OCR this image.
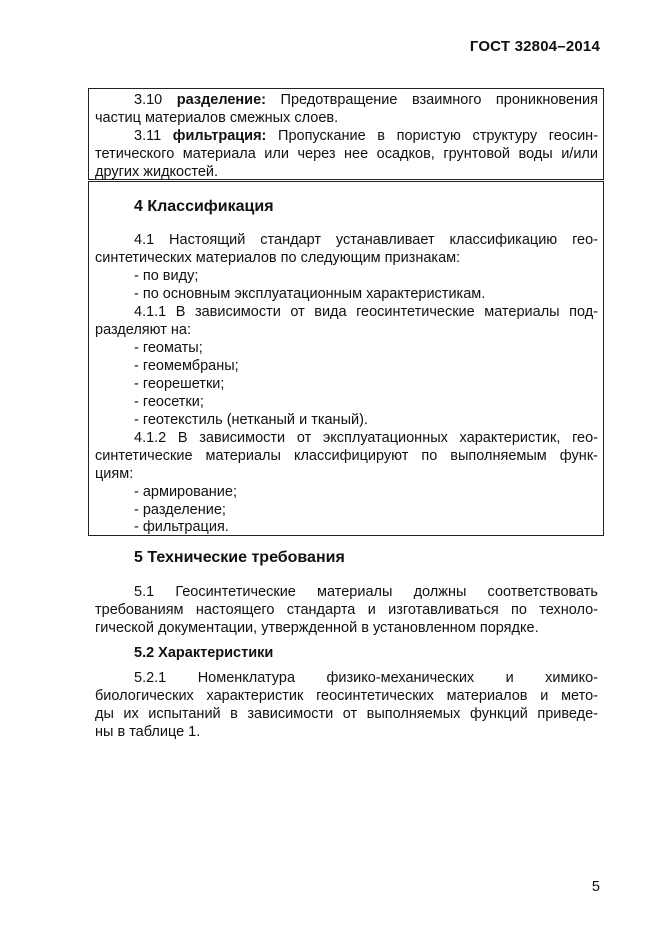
ГОСТ 32804–2014
3.10 разделение: Предотвращение взаимного проникновения
частиц материалов смежных слоев.
3.11 фильтрация: Пропускание в пористую структуру геосин-
тетического материала или через нее осадков, грунтовой воды и/или
других жидкостей.
4 Классификация
4.1 Настоящий стандарт устанавливает классификацию гео-
синтетических материалов по следующим признакам:
- по виду;
- по основным эксплуатационным характеристикам.
4.1.1 В зависимости от вида геосинтетические материалы под-
разделяют на:
- геоматы;
- геомембраны;
- георешетки;
- геосетки;
- геотекстиль (нетканый и тканый).
4.1.2 В зависимости от эксплуатационных характеристик, гео-
синтетические материалы классифицируют по выполняемым функ-
циям:
- армирование;
- разделение;
- фильтрация.
5 Технические требования
5.1 Геосинтетические материалы должны соответствовать
требованиям настоящего стандарта и изготавливаться по техноло-
гической документации, утвержденной в установленном порядке.
5.2 Характеристики
5.2.1 Номенклатура физико-механических и химико-
биологических характеристик геосинтетических материалов и мето-
ды их испытаний в зависимости от выполняемых функций приведе-
ны в таблице 1.
5
